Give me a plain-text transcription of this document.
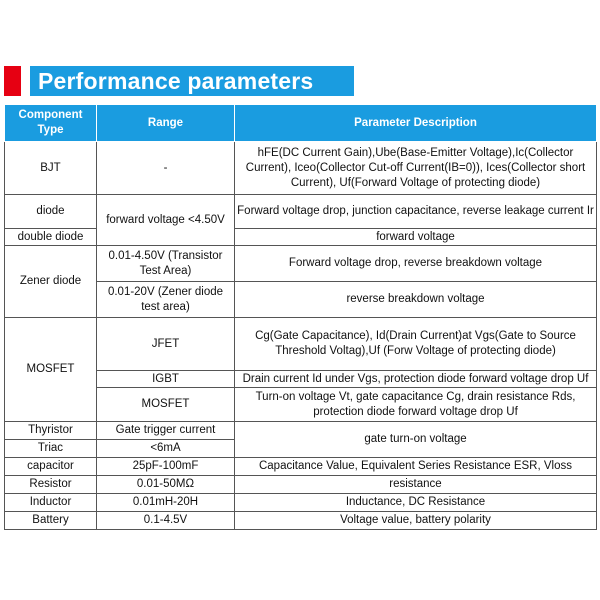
Performance parameters
Component Type	Range	Parameter Description
BJT	-	hFE(DC Current Gain),Ube(Base-Emitter Voltage),Ic(Collector Current), Iceo(Collector Cut-off Current(IB=0)), Ices(Collector short Current), Uf(Forward Voltage of protecting diode)
diode	forward voltage <4.50V	Forward voltage drop, junction capacitance, reverse leakage current Ir
double diode		forward voltage
Zener diode	0.01-4.50V (Transistor Test Area)	Forward voltage drop, reverse breakdown voltage
	0.01-20V (Zener diode test area)	reverse breakdown voltage
MOSFET	JFET	Cg(Gate Capacitance), Id(Drain Current)at Vgs(Gate to Source Threshold Voltag),Uf (Forw Voltage of protecting diode)
	IGBT	Drain current Id under Vgs, protection diode forward voltage drop Uf
	MOSFET	Turn-on voltage Vt, gate capacitance Cg, drain resistance Rds, protection diode forward voltage drop Uf
Thyristor	Gate trigger current	gate turn-on voltage
Triac	<6mA	
capacitor	25pF-100mF	Capacitance Value, Equivalent Series Resistance ESR, Vloss
Resistor	0.01-50MΩ	resistance
Inductor	0.01mH-20H	Inductance, DC Resistance
Battery	0.1-4.5V	Voltage value, battery polarity
